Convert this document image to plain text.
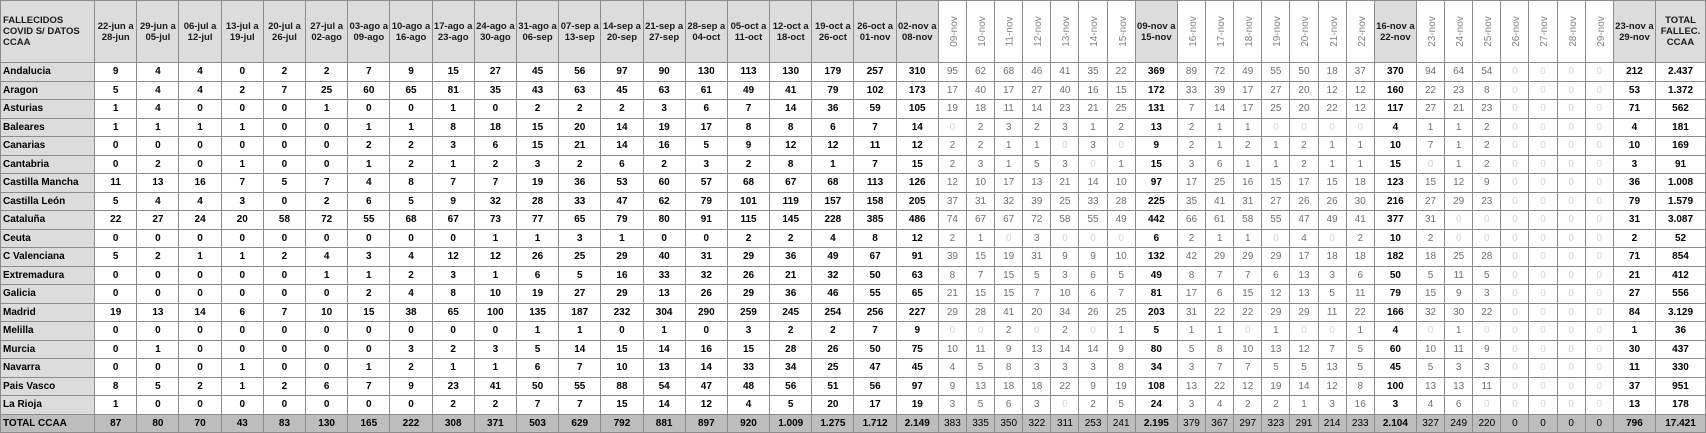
FALLECIDOS COVID S/ DATOS CCAA	22-jun a 28-jun	29-jun a 05-jul	06-jul a 12-jul	13-jul a 19-jul	20-jul a 26-jul	27-jul a 02-ago	03-ago a 09-ago	10-ago a 16-ago	17-ago a 23-ago	24-ago a 30-ago	31-ago a 06-sep	07-sep a 13-sep	14-sep a 20-sep	21-sep a 27-sep	28-sep a 04-oct	05-oct a 11-oct	12-oct a 18-oct	19-oct a 26-oct	26-oct a 01-nov	02-nov a 08-nov	09-nov	10-nov	11-nov	12-nov	13-nov	14-nov	15-nov	09-nov a 15-nov	16-nov	17-nov	18-nov	19-nov	20-nov	21-nov	22-nov	16-nov a 22-nov	23-nov	24-nov	25-nov	26-nov	27-nov	28-nov	29-nov	23-nov a 29-nov	TOTAL FALLEC. CCAA
Andalucia	9	4	4	0	2	2	7	9	15	27	45	56	97	90	130	113	130	179	257	310	95	62	68	46	41	35	22	369	89	72	49	55	50	18	37	370	94	64	54	0	0	0	0	212	2.437
Aragon	5	4	4	2	7	25	60	65	81	35	43	63	45	63	61	49	41	79	102	173	17	40	17	27	40	16	15	172	33	39	17	27	20	12	12	160	22	23	8	0	0	0	0	53	1.372
Asturias	1	4	0	0	0	1	0	0	1	0	2	2	2	3	6	7	14	36	59	105	19	18	11	14	23	21	25	131	7	14	17	25	20	22	12	117	27	21	23	0	0	0	0	71	562
Baleares	1	1	1	1	0	0	1	1	8	18	15	20	14	19	17	8	8	6	7	14	0	2	3	2	3	1	2	13	2	1	1	0	0	0	0	4	1	1	2	0	0	0	0	4	181
Canarias	0	0	0	0	0	0	2	2	3	6	15	21	14	16	5	9	12	12	11	12	2	2	1	1	0	3	0	9	2	1	2	1	2	1	1	10	7	1	2	0	0	0	0	10	169
Cantabria	0	2	0	1	0	0	1	2	1	2	3	2	6	2	3	2	8	1	7	15	2	3	1	5	3	0	1	15	3	6	1	1	2	1	1	15	0	1	2	0	0	0	0	3	91
Castilla Mancha	11	13	16	7	5	7	4	8	7	7	19	36	53	60	57	68	67	68	113	126	12	10	17	13	21	14	10	97	17	25	16	15	17	15	18	123	15	12	9	0	0	0	0	36	1.008
Castilla León	5	4	4	3	0	2	6	5	9	32	28	33	47	62	79	101	119	157	158	205	37	31	32	39	25	33	28	225	35	41	31	27	26	26	30	216	27	29	23	0	0	0	0	79	1.579
Cataluña	22	27	24	20	58	72	55	68	67	73	77	65	79	80	91	115	145	228	385	486	74	67	67	72	58	55	49	442	66	61	58	55	47	49	41	377	31	0	0	0	0	0	0	31	3.087
Ceuta	0	0	0	0	0	0	0	0	0	1	1	3	1	0	0	2	2	4	8	12	2	1	0	3	0	0	0	6	2	1	1	0	4	0	2	10	2	0	0	0	0	0	0	2	52
C Valenciana	5	2	1	1	2	4	3	4	12	12	26	25	29	40	31	29	36	49	67	91	39	15	19	31	9	9	10	132	42	29	29	29	17	18	18	182	18	25	28	0	0	0	0	71	854
Extremadura	0	0	0	0	0	1	1	2	3	1	6	5	16	33	32	26	21	32	50	63	8	7	15	5	3	6	5	49	8	7	7	6	13	3	6	50	5	11	5	0	0	0	0	21	412
Galicia	0	0	0	0	0	0	2	4	8	10	19	27	29	13	26	29	36	46	55	65	21	15	15	7	10	6	7	81	17	6	15	12	13	5	11	79	15	9	3	0	0	0	0	27	556
Madrid	19	13	14	6	7	10	15	38	65	100	135	187	232	304	290	259	245	254	256	227	29	28	41	20	34	26	25	203	31	22	22	29	29	11	22	166	32	30	22	0	0	0	0	84	3.129
Melilla	0	0	0	0	0	0	0	0	0	0	1	1	0	1	0	3	2	2	7	9	0	0	2	0	2	0	1	5	1	1	0	1	0	0	1	4	0	1	0	0	0	0	0	1	36
Murcia	0	1	0	0	0	0	0	3	2	3	5	14	15	14	16	15	28	26	50	75	10	11	9	13	14	14	9	80	5	8	10	13	12	7	5	60	10	11	9	0	0	0	0	30	437
Navarra	0	0	0	1	0	0	1	2	1	1	6	7	10	13	14	33	34	25	47	45	4	5	8	3	3	3	8	34	3	7	7	5	5	13	5	45	5	3	3	0	0	0	0	11	330
Pais Vasco	8	5	2	1	2	6	7	9	23	41	50	55	88	54	47	48	56	51	56	97	9	13	18	18	22	9	19	108	13	22	12	19	14	12	8	100	13	13	11	0	0	0	0	37	951
La Rioja	1	0	0	0	0	0	0	0	2	2	7	7	15	14	12	4	5	20	17	19	3	5	6	3	0	2	5	24	3	4	2	2	1	3	16	3	4	6	0	0	0	0	0	13	178
TOTAL CCAA	87	80	70	43	83	130	165	222	308	371	503	629	792	881	897	920	1.009	1.275	1.712	2.149	383	335	350	322	311	253	241	2.195	379	367	297	323	291	214	233	2.104	327	249	220	0	0	0	0	796	17.421
